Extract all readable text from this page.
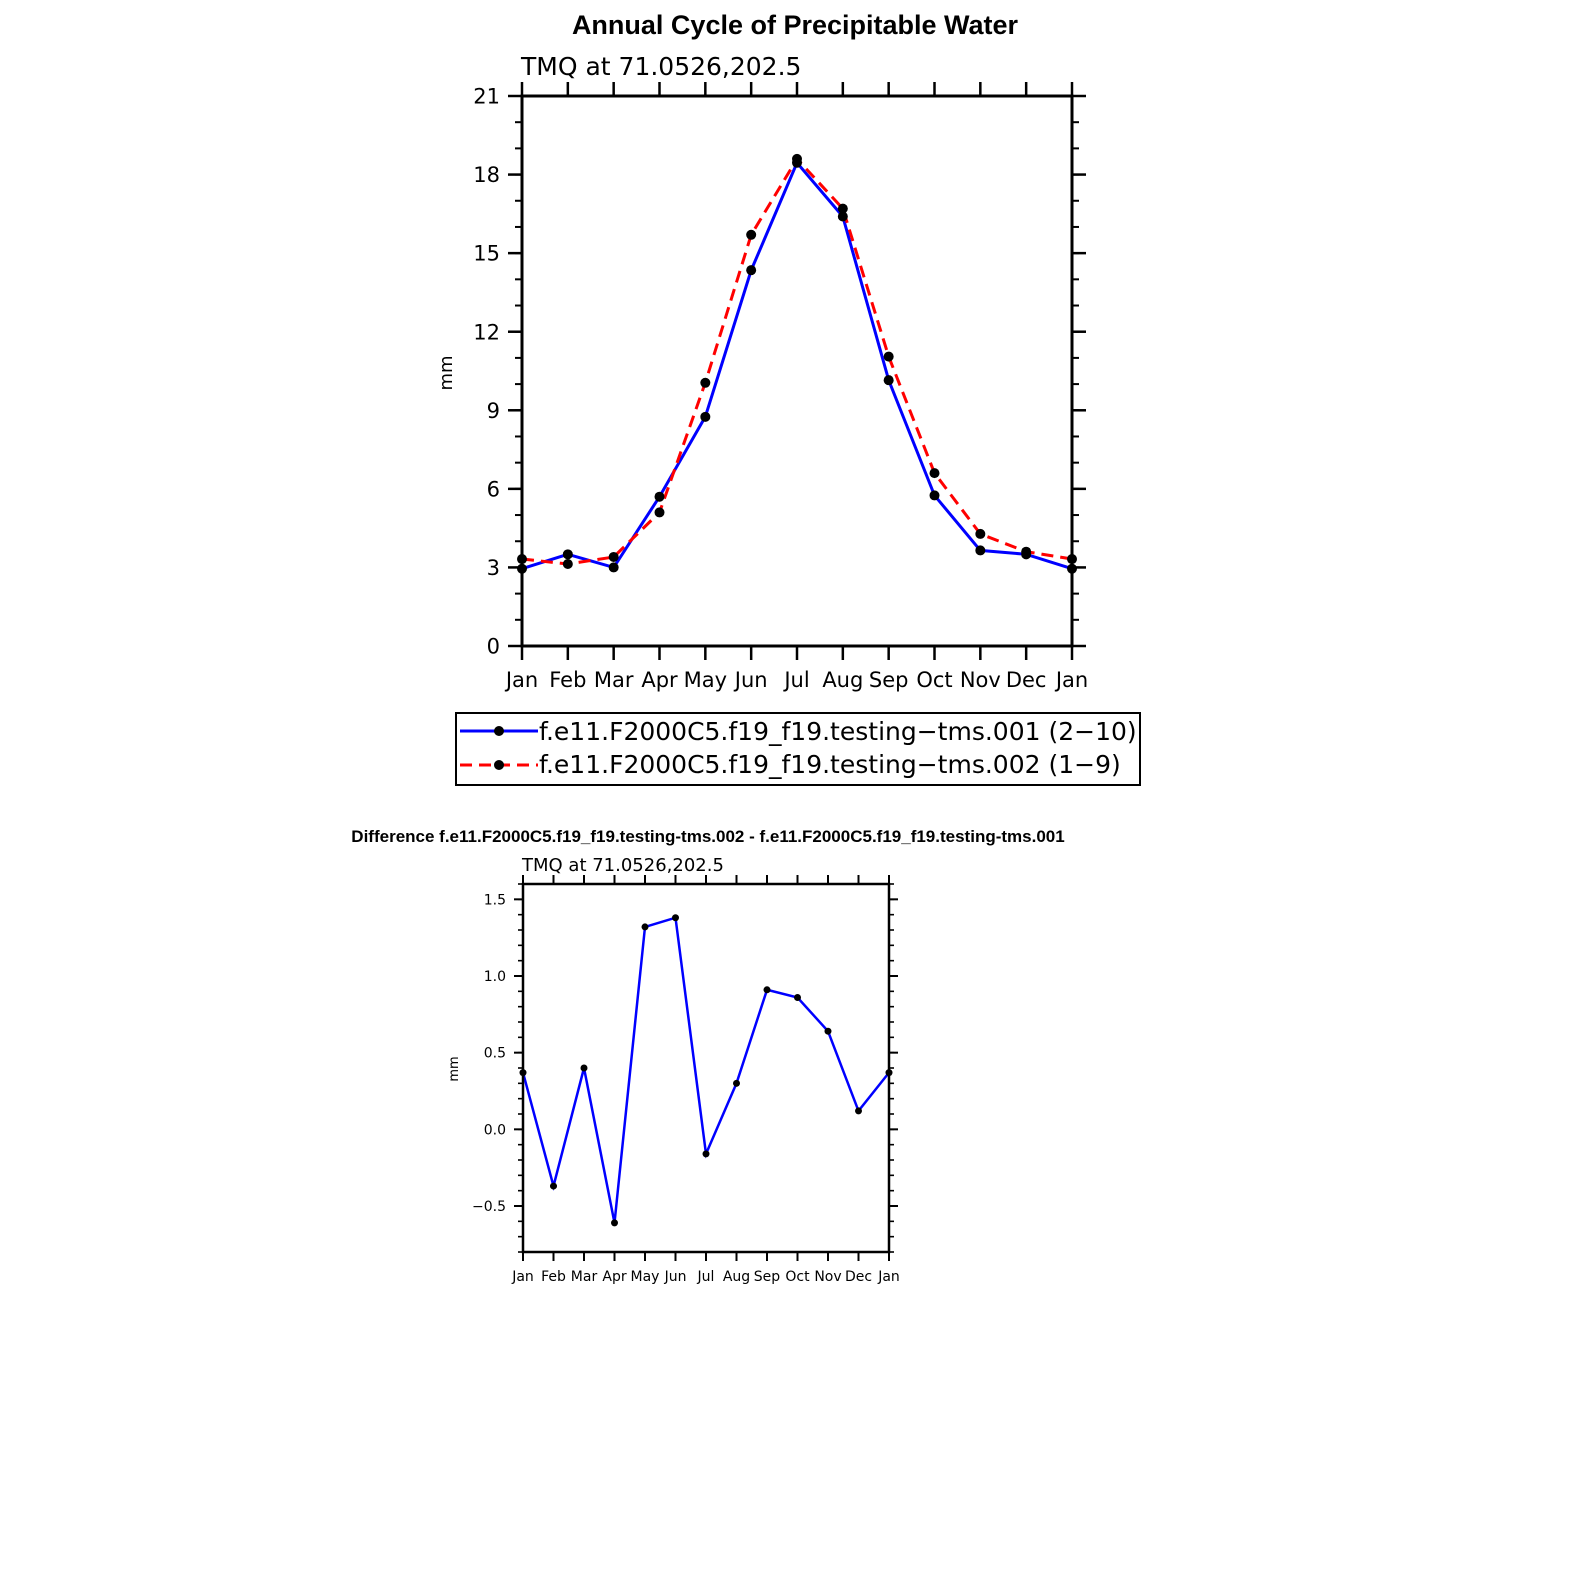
Annual Cycle of Precipitable Water
TMQ at 71.0526,202.5
mm
0
3
6
9
12
15
18
21
Jan Feb Mar Apr May Jun Jul Aug Sep Oct Nov Dec Jan
f.e11.F2000C5.f19_f19.testing−tms.001 (2−10)
f.e11.F2000C5.f19_f19.testing−tms.002 (1−9)
Difference f.e11.F2000C5.f19_f19.testing-tms.002 - f.e11.F2000C5.f19_f19.testing-tms.001
TMQ at 71.0526,202.5
mm
−0.5
0.0
0.5
1.0
1.5
Jan Feb Mar Apr May Jun Jul Aug Sep Oct Nov Dec Jan
